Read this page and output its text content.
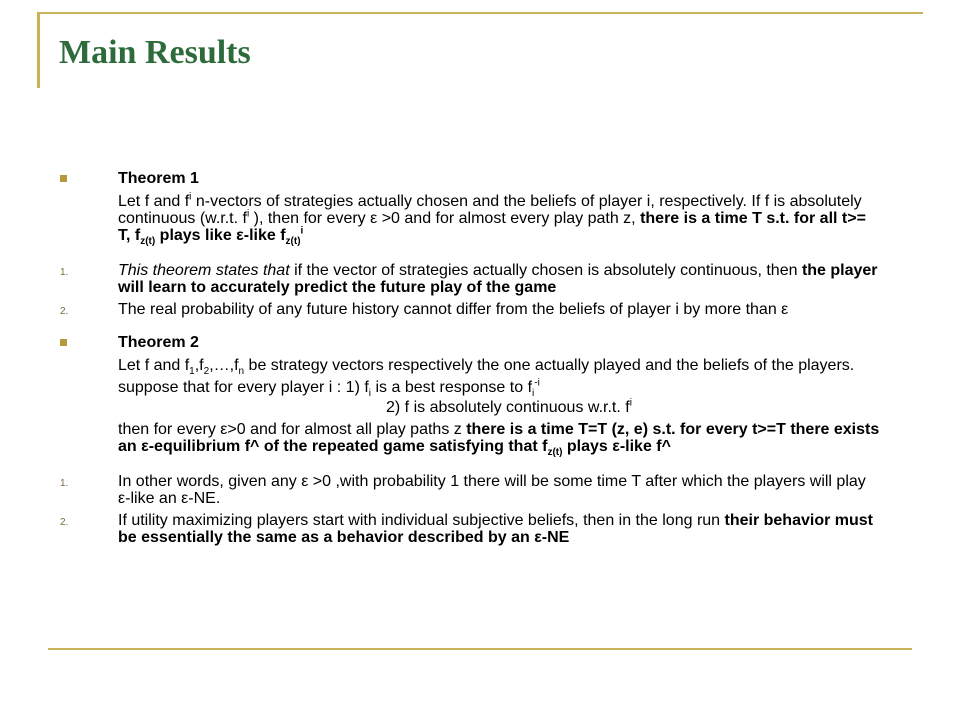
Main Results

Theorem 1

Let f and $f^i$ n-vectors of strategies actually chosen and the beliefs of player i, respectively. If f is absolutely continuous (w.r.t. $f^i$ ), then for every ε >0 and for almost every play path z, there is a time T s.t. for all t>= T, $f_{z(t)}$ plays like ε-like $f_{z(t)}^i$

1.	This theorem states that if the vector of strategies actually chosen is absolutely continuous, then the player will learn to accurately predict the future play of the game

2.	The real probability of any future history cannot differ from the beliefs of player i by more than ε

Theorem 2

Let f and $f_1,f_2,\dots,f_n$ be strategy vectors respectively the one actually played and the beliefs of the players.

suppose that for every player i : 1) $f_i$ is a best response to $f_i^{-i}$

2) f is absolutely continuous w.r.t. $f^i$

then for every ε>0 and for almost all play paths z there is a time T=T (z, e) s.t. for every t>=T there exists an ε-equilibrium f^ of the repeated game satisfying that $f_{z(t)}$ plays ε-like f^

1.	In other words, given any ε >0 ,with probability 1 there will be some time T after which the players will play ε-like an ε-NE.

2.	If utility maximizing players start with individual subjective beliefs, then in the long run their behavior must be essentially the same as a behavior described by an ε-NE
